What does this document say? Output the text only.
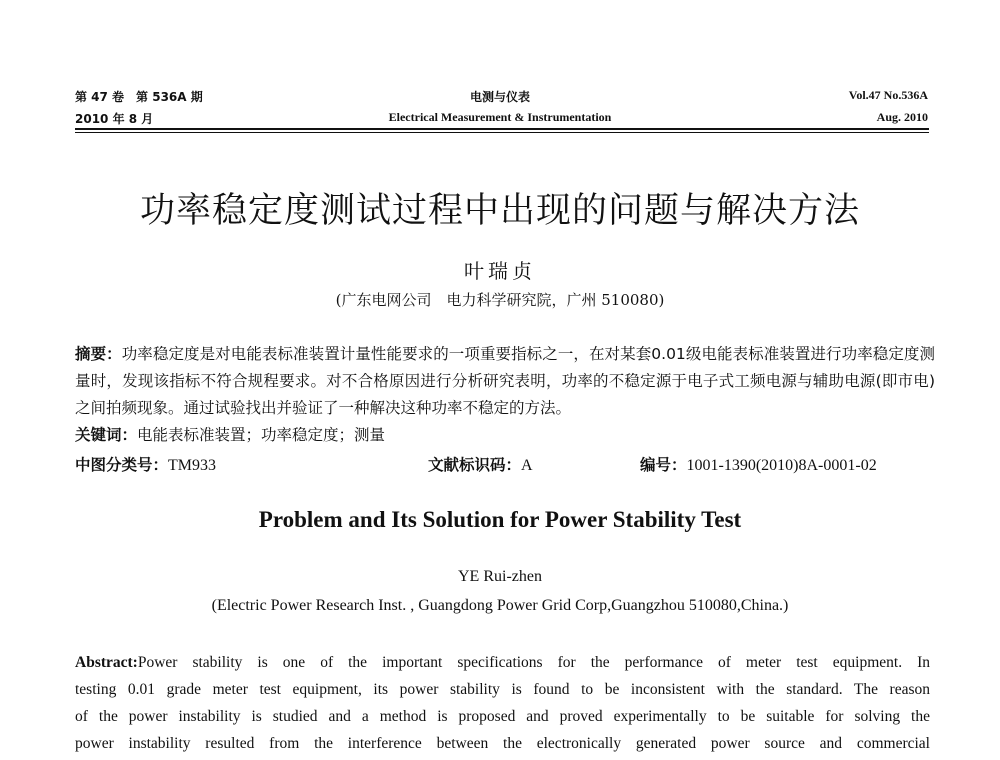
第 47 卷　第 536A 期
2010 年 8 月
电测与仪表
Electrical Measurement & Instrumentation
Vol.47 No.536A
Aug. 2010
功率稳定度测试过程中出现的问题与解决方法
叶瑞贞
(广东电网公司　电力科学研究院，广州 510080)
摘要：功率稳定度是对电能表标准装置计量性能要求的一项重要指标之一，在对某套0.01级电能表标准装置进行功率稳定度测量时，发现该指标不符合规程要求。对不合格原因进行分析研究表明，功率的不稳定源于电子式工频电源与辅助电源(即市电)之间拍频现象。通过试验找出并验证了一种解决这种功率不稳定的方法。
关键词：电能表标准装置；功率稳定度；测量
中图分类号：TM933	文献标识码：A	编号：1001-1390(2010)8A-0001-02
Problem and Its Solution for Power Stability Test
YE Rui-zhen
(Electric Power Research Inst. , Guangdong Power Grid Corp,Guangzhou 510080,China.)
Abstract:Power stability is one of the important specifications for the performance of meter test equipment. In
testing 0.01 grade meter test equipment, its power stability is found to be inconsistent with the standard. The reason
of the power instability is studied and a method is proposed and proved experimentally to be suitable for solving the
power instability resulted from the interference between the electronically generated power source and commercial
